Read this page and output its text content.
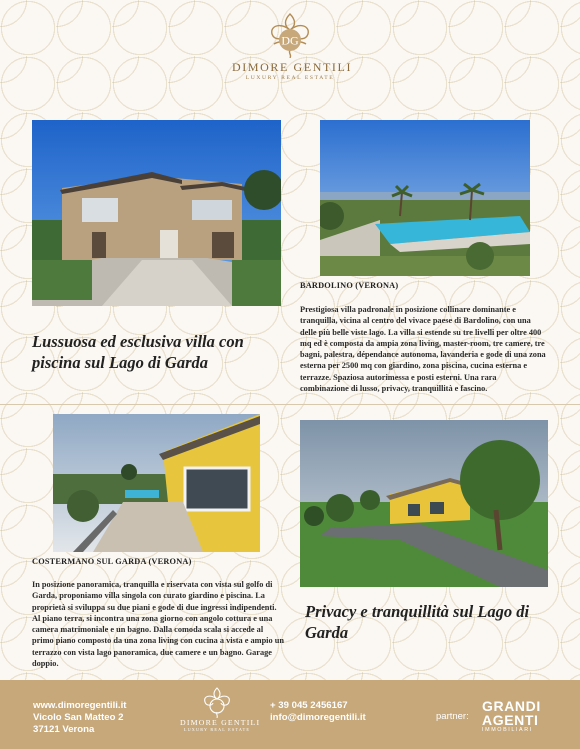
DG
DIMORE GENTILI
LUXURY REAL ESTATE
Lussuosa ed esclusiva villa con piscina sul Lago di Garda
BARDOLINO (VERONA)
Prestigiosa villa padronale in posizione collinare dominante e tranquilla, vicina al centro del vivace paese di Bardolino, con una delle più belle viste lago. La villa si estende su tre livelli per oltre 400 mq ed è composta da ampia zona living, master-room, tre camere, tre bagni, palestra, dépendance autonoma, lavanderia e gode di una zona esterna per 2500 mq con giardino, zona piscina, cucina esterna e terrazze. Spaziosa autorimessa e posti esterni. Una rara combinazione di lusso, privacy, tranquillità e fascino.
COSTERMANO SUL GARDA (VERONA)
In posizione panoramica, tranquilla e riservata con vista sul golfo di Garda, proponiamo villa singola con curato giardino e piscina. La proprietà si sviluppa su due piani e gode di due ingressi indipendenti. Al piano terra, si incontra una zona giorno con angolo cottura e una camera matrimoniale e un bagno. Dalla comoda scala si accede al primo piano composto da una zona living con cucina a vista e ampio un terrazzo con vista lago panoramica, due camere e un bagno. Garage doppio.
Privacy e tranquillità sul Lago di Garda
www.dimoregentili.it
Vicolo San Matteo 2
37121 Verona
DIMORE GENTILI
LUXURY REAL ESTATE
+ 39 045 2456167
info@dimoregentili.it	partner:
GRANDI
AGENTI
IMMOBILIARI
